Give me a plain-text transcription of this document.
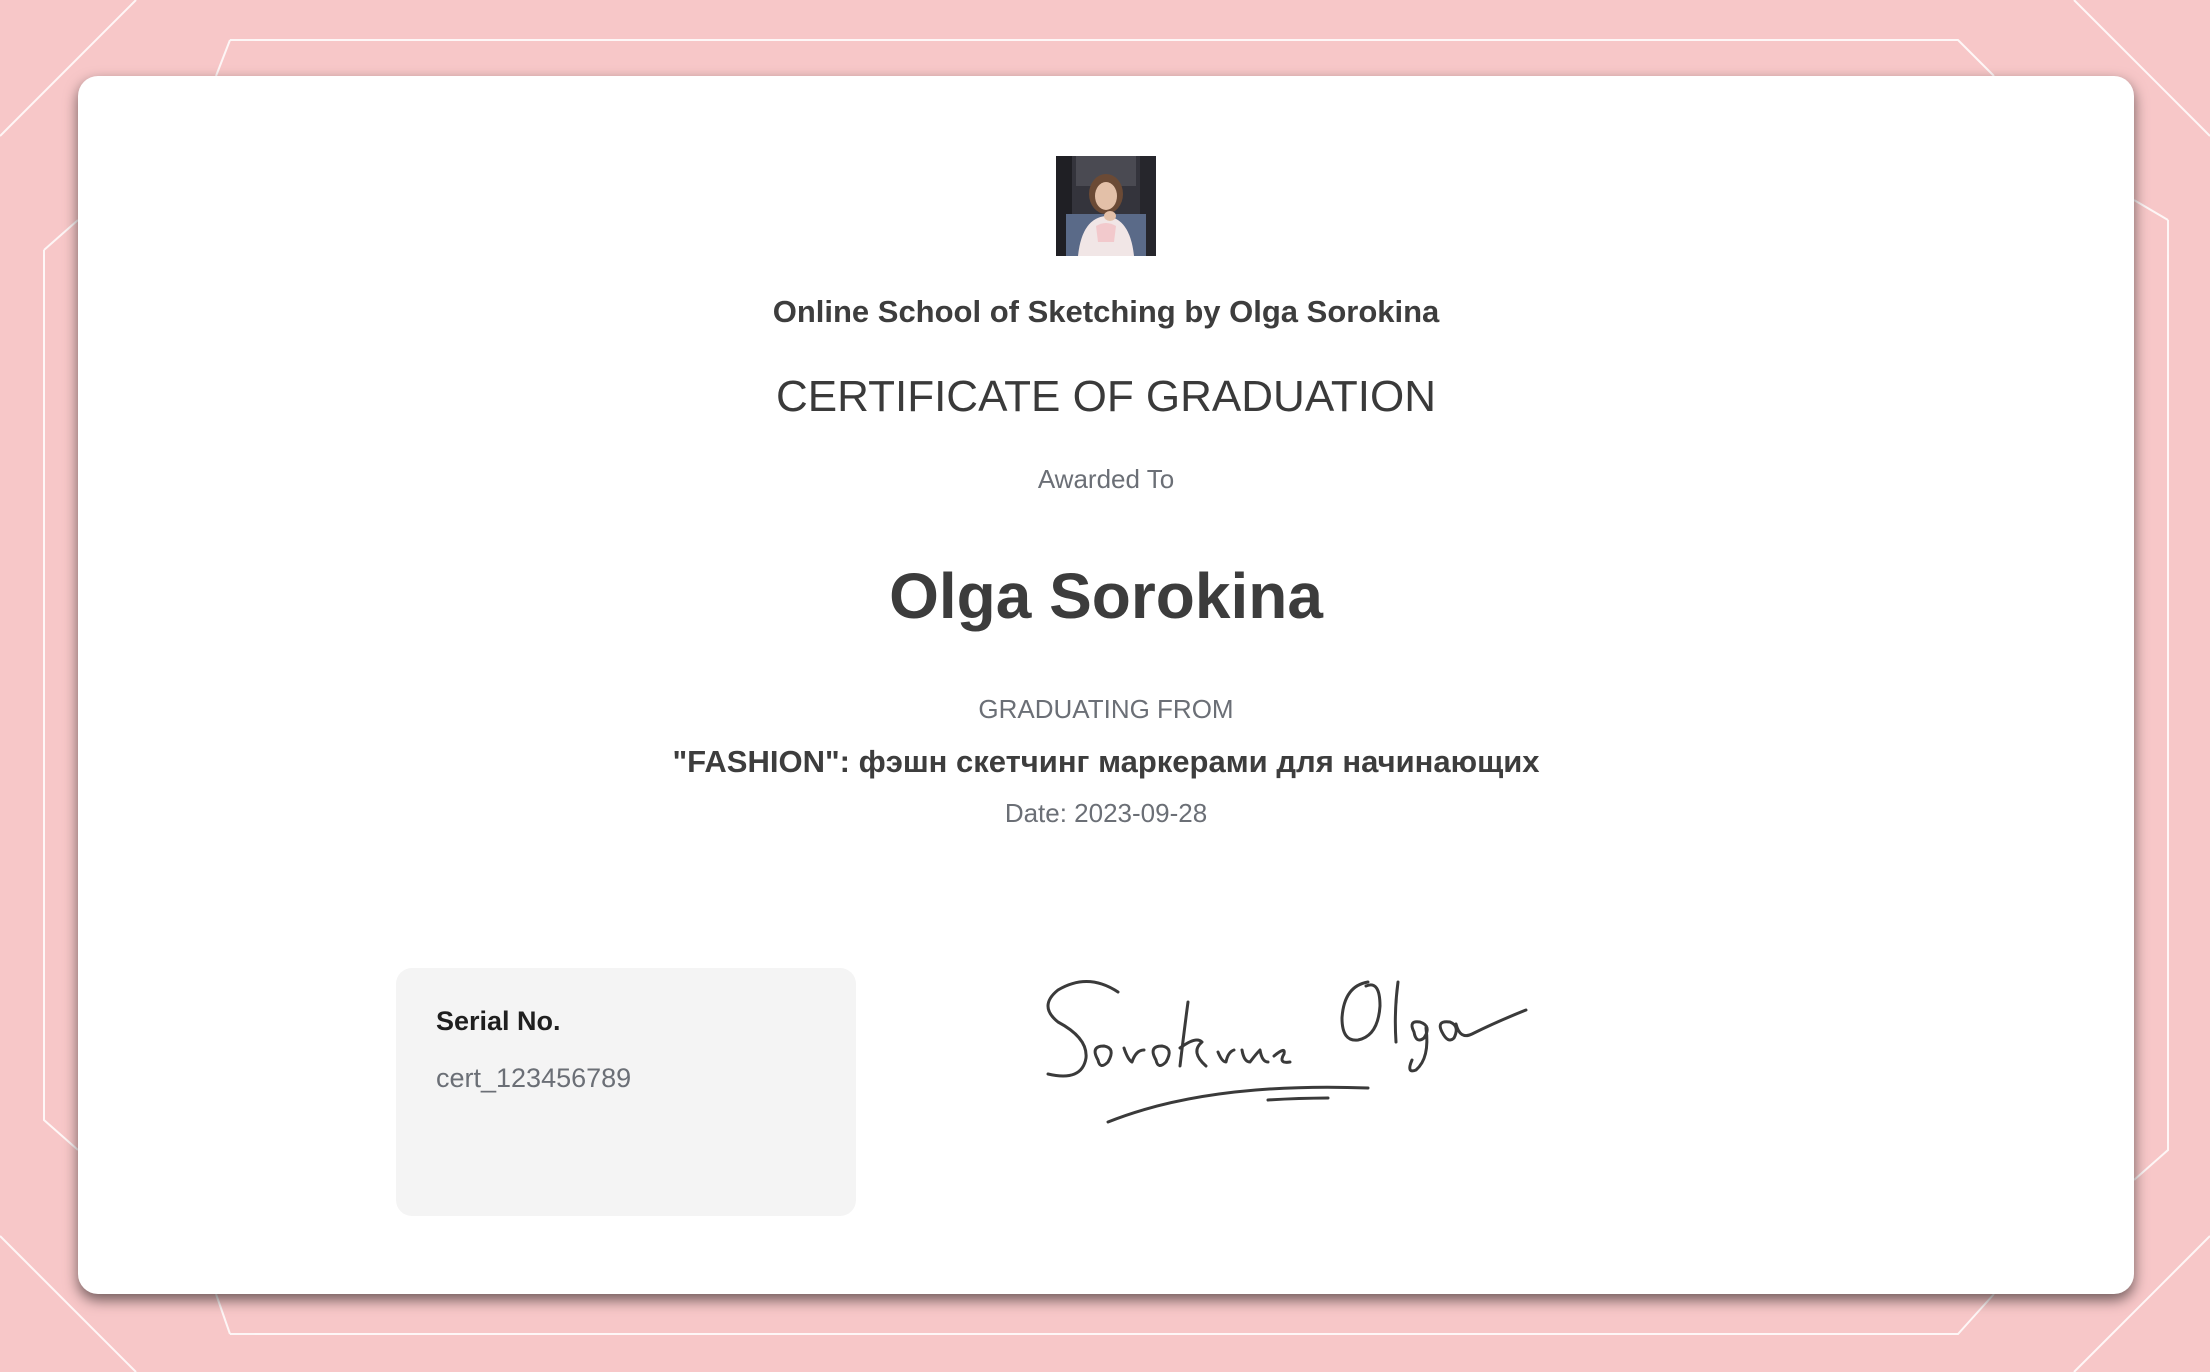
Online School of Sketching by Olga Sorokina

CERTIFICATE OF GRADUATION

Awarded To

Olga Sorokina

GRADUATING FROM

"FASHION": фэшн скетчинг маркерами для начинающих

Date: 2023-09-28

Serial No.

cert_123456789
